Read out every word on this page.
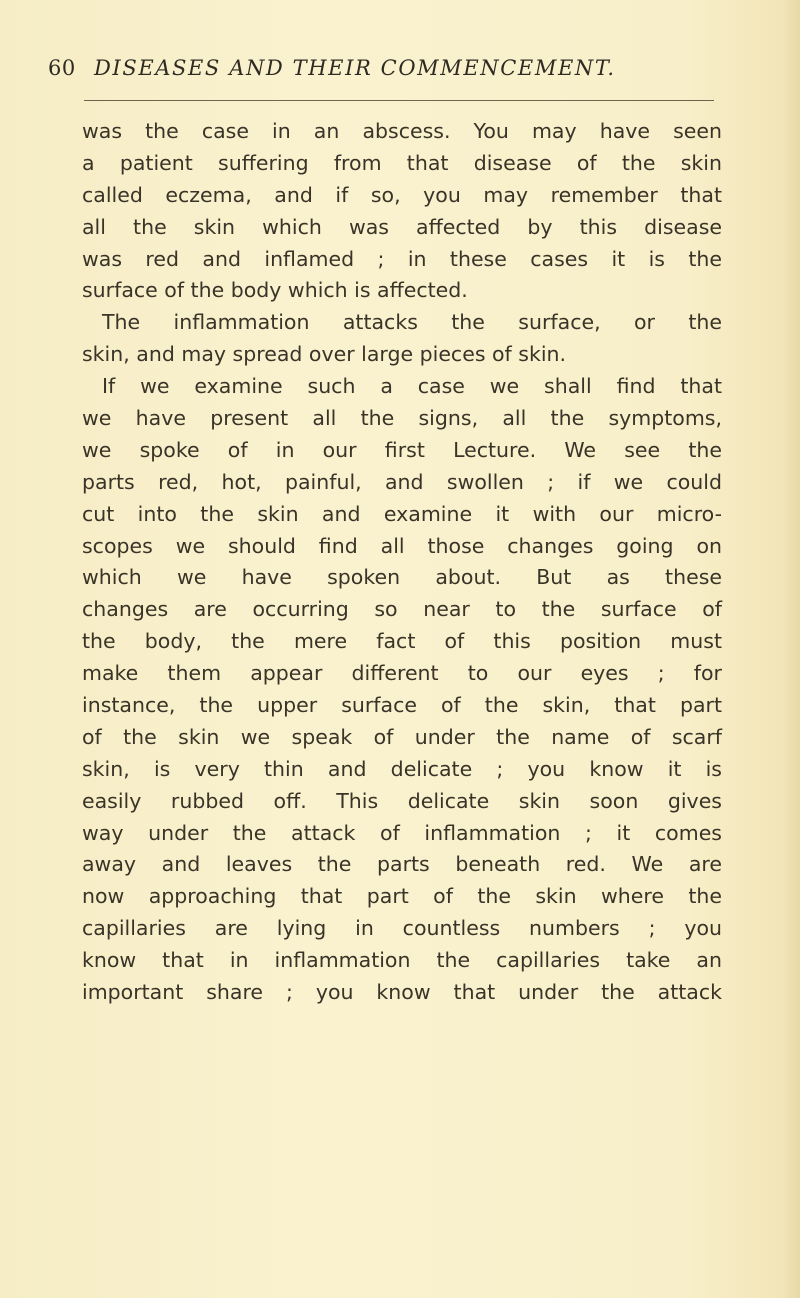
60 DISEASES AND THEIR COMMENCEMENT.
was the case in an abscess. You may have seen
a patient suffering from that disease of the skin
called eczema, and if so, you may remember that
all the skin which was affected by this disease
was red and inflamed ; in these cases it is the
surface of the body which is affected.
The inflammation attacks the surface, or the
skin, and may spread over large pieces of skin.
If we examine such a case we shall find that
we have present all the signs, all the symptoms,
we spoke of in our first Lecture. We see the
parts red, hot, painful, and swollen ; if we could
cut into the skin and examine it with our micro-
scopes we should find all those changes going on
which we have spoken about. But as these
changes are occurring so near to the surface of
the body, the mere fact of this position must
make them appear different to our eyes ; for
instance, the upper surface of the skin, that part
of the skin we speak of under the name of scarf
skin, is very thin and delicate ; you know it is
easily rubbed off. This delicate skin soon gives
way under the attack of inflammation ; it comes
away and leaves the parts beneath red. We are
now approaching that part of the skin where the
capillaries are lying in countless numbers ; you
know that in inflammation the capillaries take an
important share ; you know that under the attack
